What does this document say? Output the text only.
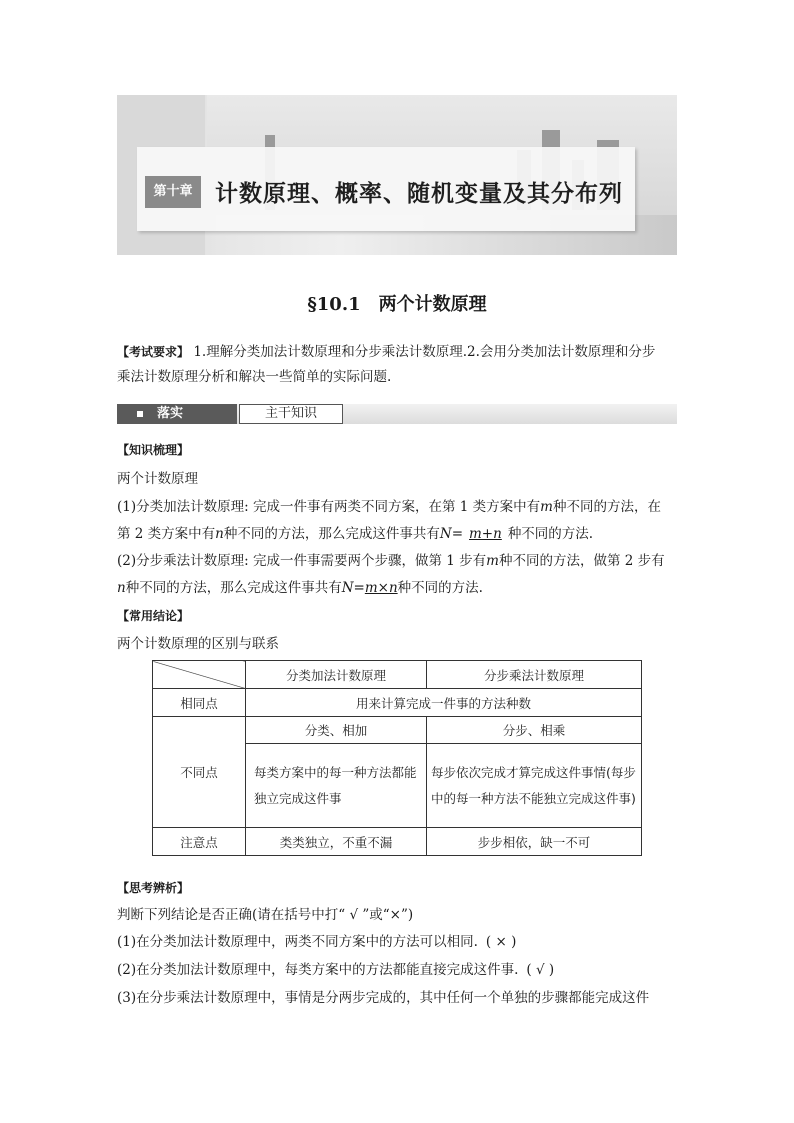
第十章 计数原理、概率、随机变量及其分布列
§10.1　两个计数原理
【考试要求】 1.理解分类加法计数原理和分步乘法计数原理.2.会用分类加法计数原理和分步
乘法计数原理分析和解决一些简单的实际问题.
落实	主干知识
【知识梳理】
两个计数原理
(1)分类加法计数原理: 完成一件事有两类不同方案，在第 1 类方案中有m种不同的方法，在
第 2 类方案中有n种不同的方法，那么完成这件事共有N= m+n 种不同的方法.
(2)分步乘法计数原理: 完成一件事需要两个步骤，做第 1 步有m种不同的方法，做第 2 步有
n种不同的方法，那么完成这件事共有N=m×n种不同的方法.
【常用结论】
两个计数原理的区别与联系
	分类加法计数原理	分步乘法计数原理
相同点	用来计算完成一件事的方法种数	
不同点	分类、相加	分步、相乘
	每类方案中的每一种方法都能独立完成这件事	每步依次完成才算完成这件事情(每步中的每一种方法不能独立完成这件事)
注意点	类类独立，不重不漏	步步相依，缺一不可
【思考辨析】
判断下列结论是否正确(请在括号中打“ √ ”或“×”)
(1)在分类加法计数原理中，两类不同方案中的方法可以相同. ( × )
(2)在分类加法计数原理中，每类方案中的方法都能直接完成这件事. ( √ )
(3)在分步乘法计数原理中，事情是分两步完成的，其中任何一个单独的步骤都能完成这件
